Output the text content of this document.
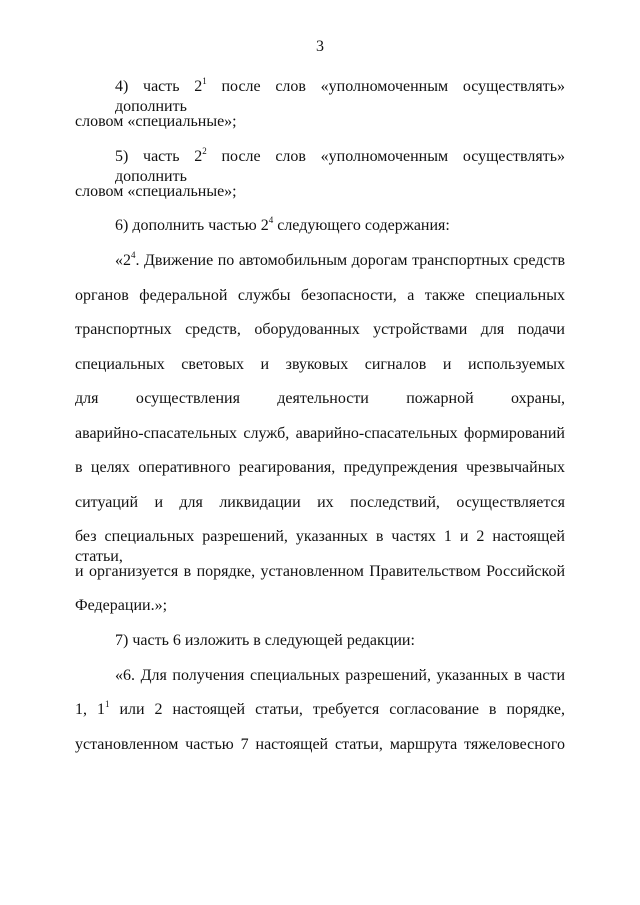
3
4) часть $2^1$ после слов «уполномоченным осуществлять» дополнить
словом «специальные»;
5) часть $2^2$ после слов «уполномоченным осуществлять» дополнить
словом «специальные»;
6) дополнить частью $2^4$ следующего содержания:
«$2^4$. Движение по автомобильным дорогам транспортных средств
органов федеральной службы безопасности, а также специальных
транспортных средств, оборудованных устройствами для подачи
специальных световых и звуковых сигналов и используемых
для осуществления деятельности пожарной охраны,
аварийно-спасательных служб, аварийно-спасательных формирований
в целях оперативного реагирования, предупреждения чрезвычайных
ситуаций и для ликвидации их последствий, осуществляется
без специальных разрешений, указанных в частях 1 и 2 настоящей статьи,
и организуется в порядке, установленном Правительством Российской
Федерации.»;
7) часть 6 изложить в следующей редакции:
«6. Для получения специальных разрешений, указанных в части
1, $1^1$ или 2 настоящей статьи, требуется согласование в порядке,
установленном частью 7 настоящей статьи, маршрута тяжеловесного
